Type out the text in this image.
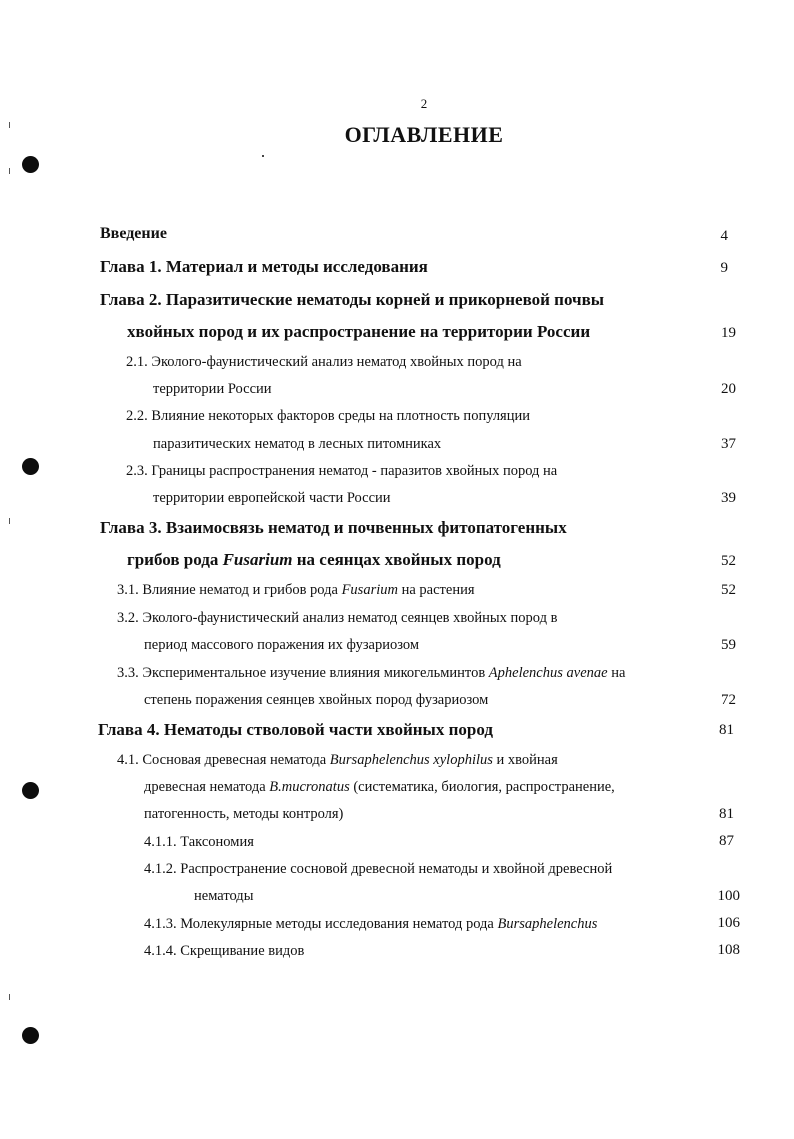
2
ОГЛАВЛЕНИЕ
Введение	4
Глава 1. Материал и методы исследования	9
Глава 2. Паразитические нематоды корней и прикорневой почвы
хвойных пород и их распространение на территории России	19
2.1. Эколого-фаунистический анализ нематод хвойных пород на
территории России	20
2.2. Влияние некоторых факторов среды на плотность популяции
паразитических нематод в лесных питомниках	37
2.3. Границы распространения нематод - паразитов хвойных пород на
территории европейской части России	39
Глава 3. Взаимосвязь нематод и почвенных фитопатогенных
грибов рода Fusarium на сеянцах хвойных пород	52
3.1. Влияние нематод и грибов рода Fusarium на растения	52
3.2. Эколого-фаунистический анализ нематод сеянцев хвойных пород в
период массового поражения их фузариозом	59
3.3. Экспериментальное изучение влияния микогельминтов Aphelenchus avenae на
степень поражения сеянцев хвойных пород фузариозом	72
Глава 4. Нематоды стволовой части хвойных пород	81
4.1. Сосновая древесная нематода Bursaphelenchus xylophilus и хвойная
древесная нематода B.mucronatus (систематика, биология, распространение,
патогенность, методы контроля)	81
4.1.1. Таксономия	87
4.1.2. Распространение сосновой древесной нематоды и хвойной древесной
нематоды	100
4.1.3. Молекулярные методы исследования нематод рода Bursaphelenchus	106
4.1.4. Скрещивание видов	108
